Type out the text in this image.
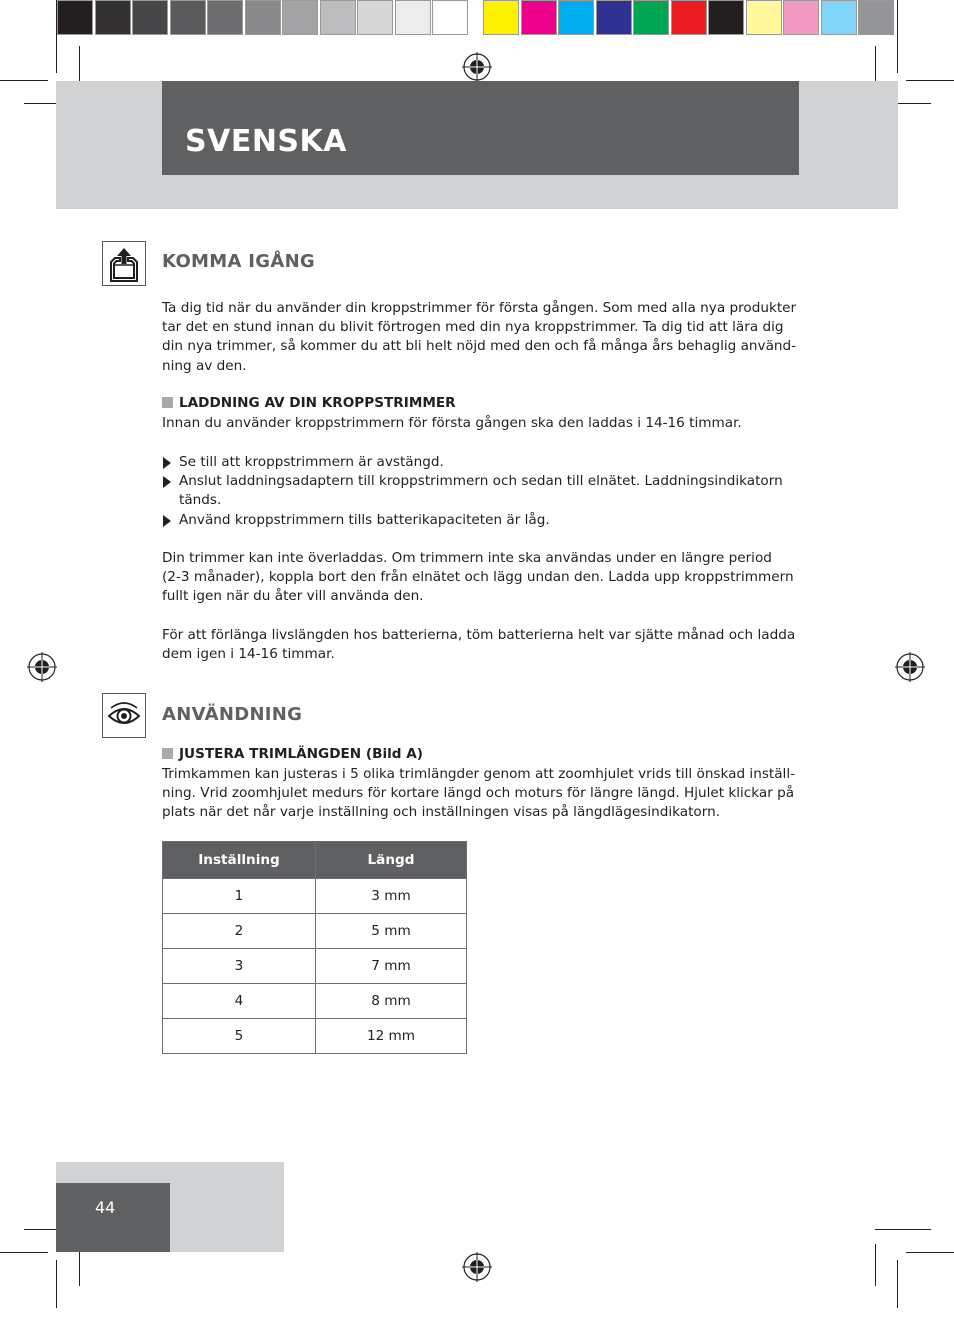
SVENSKA
KOMMA IGÅNG

Ta dig tid när du använder din kroppstrimmer för första gången. Som med alla nya produkter

tar det en stund innan du blivit förtrogen med din nya kroppstrimmer. Ta dig tid att lära dig

din nya trimmer, så kommer du att bli helt nöjd med den och få många års behaglig använd-

ning av den.

LADDNING AV DIN KROPPSTRIMMER

Innan du använder kroppstrimmern för första gången ska den laddas i 14-16 timmar.

Se till att kroppstrimmern är avstängd.
Anslut laddningsadaptern till kroppstrimmern och sedan till elnätet. Laddningsindikatorn tänds.
Använd kroppstrimmern tills batterikapaciteten är låg.

Din trimmer kan inte överladdas. Om trimmern inte ska användas under en längre period

(2-3 månader), koppla bort den från elnätet och lägg undan den. Ladda upp kroppstrimmern

fullt igen när du åter vill använda den.

För att förlänga livslängden hos batterierna, töm batterierna helt var sjätte månad och ladda

dem igen i 14-16 timmar.

ANVÄNDNING
JUSTERA TRIMLÄNGDEN (Bild A)

Trimkammen kan justeras i 5 olika trimlängder genom att zoomhjulet vrids till önskad inställ-

ning. Vrid zoomhjulet medurs för kortare längd och moturs för längre längd. Hjulet klickar på

plats när det når varje inställning och inställningen visas på längdlägesindikatorn.

Inställning	Längd
1	3 mm
2	5 mm
3	7 mm
4	8 mm
5	12 mm
44
